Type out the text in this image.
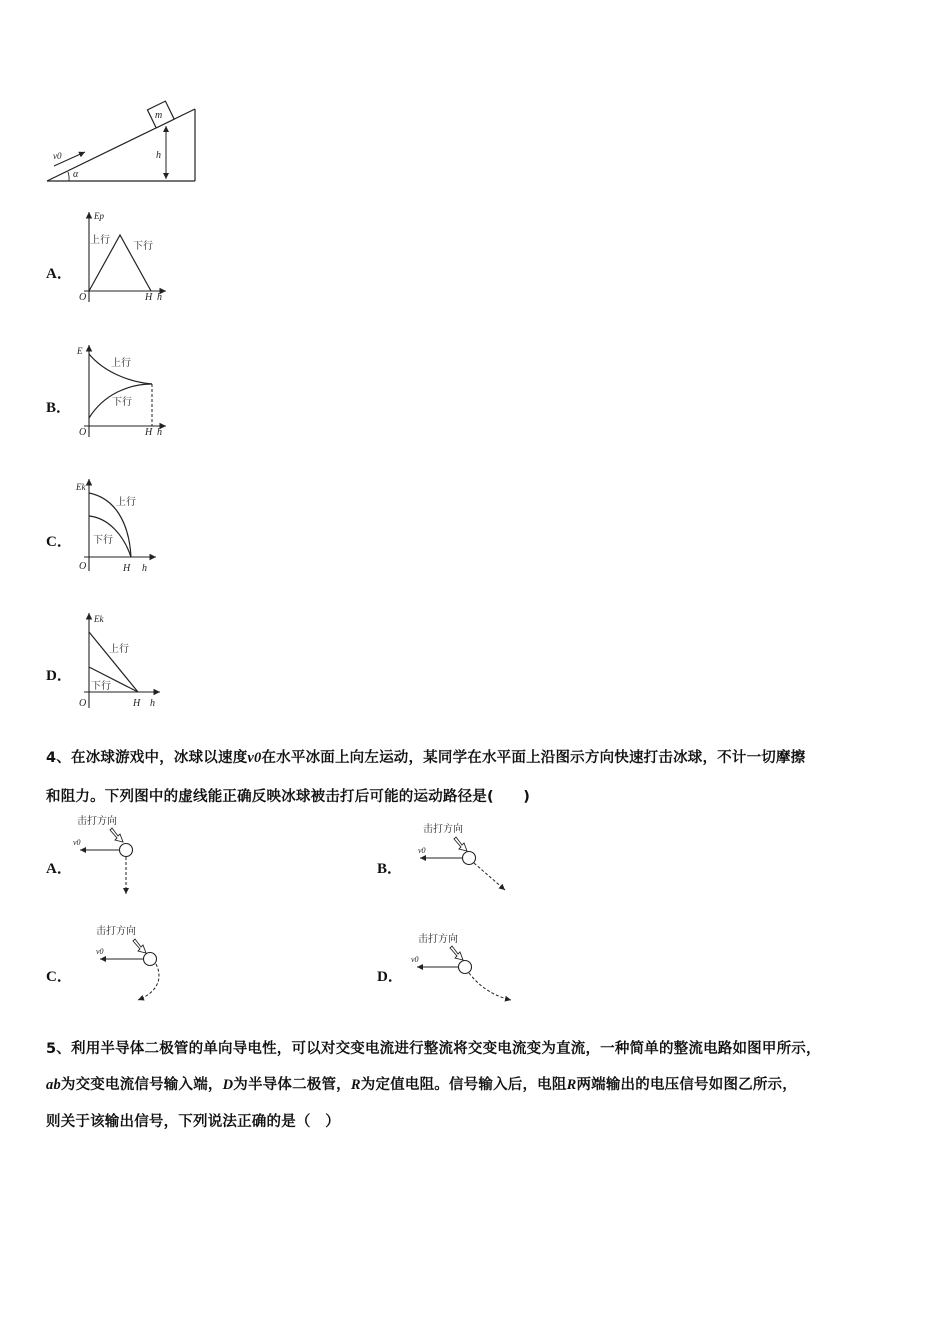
m
v0	h
α
A．
Ep
上行
下行
O	H h
B．
E
上行
下行
O	H h
C．
Ek
上行
下行
O	H h
D．
Ek
上行
下行
O	H h
4、在冰球游戏中，冰球以速度v0在水平冰面上向左运动，某同学在水平面上沿图示方向快速打击冰球，不计一切摩擦
和阻力。下列图中的虚线能正确反映冰球被击打后可能的运动路径是(　　)
A．
击打方向
v0
B．
击打方向
v0
C．
击打方向
v0
D．
击打方向
v0
5、利用半导体二极管的单向导电性，可以对交变电流进行整流将交变电流变为直流，一种简单的整流电路如图甲所示，
ab为交变电流信号输入端，D为半导体二极管，R为定值电阻。信号输入后，电阻R两端输出的电压信号如图乙所示，
则关于该输出信号，下列说法正确的是（　）
